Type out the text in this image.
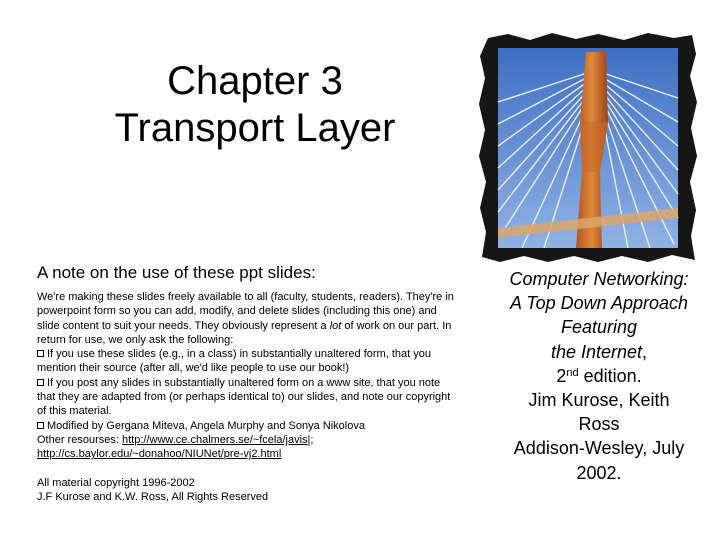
Chapter 3
Transport Layer
A note on the use of these ppt slides:

We're making these slides freely available to all (faculty, students, readers). They're in powerpoint form so you can add, modify, and delete slides (including this one) and slide content to suit your needs. They obviously represent a lot of work on our part. In return for use, we only ask the following:

If you use these slides (e.g., in a class) in substantially unaltered form, that you mention their source (after all, we'd like people to use our book!)

If you post any slides in substantially unaltered form on a www site, that you note that they are adapted from (or perhaps identical to) our slides, and note our copyright of this material.

Modified by Gergana Miteva, Angela Murphy and Sonya Nikolova

Other resourses: http://www.ce.chalmers.se/~fcela/javis|;
http://cs.baylor.edu/~donahoo/NIUNet/pre-vj2.html

All material copyright 1996-2002
J.F Kurose and K.W. Ross, All Rights Reserved

Computer Networking:
A Top Down Approach
Featuring
the Internet,
2nd edition.
Jim Kurose, Keith
Ross
Addison-Wesley, July
2002.
